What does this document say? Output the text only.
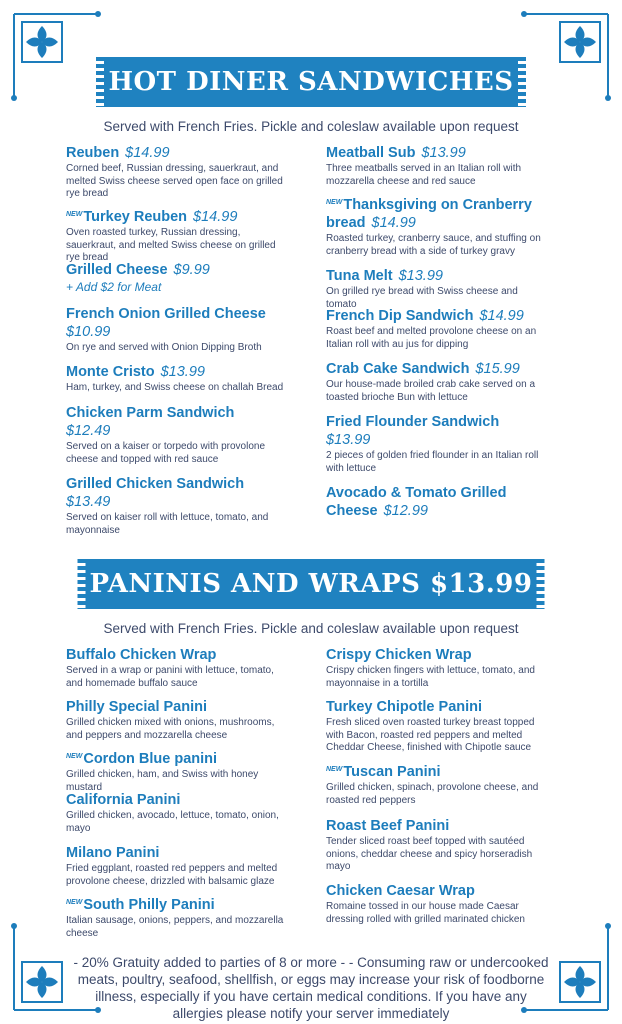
HOT DINER SANDWICHES
Served with French Fries. Pickle and coleslaw available upon request
Reuben $14.99
Corned beef, Russian dressing, sauerkraut, and melted Swiss cheese served open face on grilled rye bread
$^{NEW}$Turkey Reuben $14.99
Oven roasted turkey, Russian dressing, sauerkraut, and melted Swiss cheese on grilled rye bread
Grilled Cheese $9.99
+ Add $2 for Meat
French Onion Grilled Cheese
$10.99
On rye and served with Onion Dipping Broth
Monte Cristo $13.99
Ham, turkey, and Swiss cheese on challah Bread
Chicken Parm Sandwich
$12.49
Served on a kaiser or torpedo with provolone cheese and topped with red sauce
Grilled Chicken Sandwich
$13.49
Served on kaiser roll with lettuce, tomato, and mayonnaise
Meatball Sub $13.99
Three meatballs served in an Italian roll with mozzarella cheese and red sauce
$^{NEW}$Thanksgiving on Cranberry bread $14.99
Roasted turkey, cranberry sauce, and stuffing on cranberry bread with a side of turkey gravy
Tuna Melt $13.99
On grilled rye bread with Swiss cheese and tomato
French Dip Sandwich $14.99
Roast beef and melted provolone cheese on an Italian roll with au jus for dipping
Crab Cake Sandwich $15.99
Our house-made broiled crab cake served on a toasted brioche Bun with lettuce
Fried Flounder Sandwich
$13.99
2 pieces of golden fried flounder in an Italian roll with lettuce
Avocado & Tomato Grilled Cheese $12.99
PANINIS AND WRAPS $13.99
Served with French Fries. Pickle and coleslaw available upon request
Buffalo Chicken Wrap
Served in a wrap or panini with lettuce, tomato, and homemade buffalo sauce
Philly Special Panini
Grilled chicken mixed with onions, mushrooms, and peppers and mozzarella cheese
$^{NEW}$Cordon Blue panini
Grilled chicken, ham, and Swiss with honey mustard
California Panini
Grilled chicken, avocado, lettuce, tomato, onion, mayo
Milano Panini
Fried eggplant, roasted red peppers and melted provolone cheese, drizzled with balsamic glaze
$^{NEW}$South Philly Panini
Italian sausage, onions, peppers, and mozzarella cheese
Crispy Chicken Wrap
Crispy chicken fingers with lettuce, tomato, and mayonnaise in a tortilla
Turkey Chipotle Panini
Fresh sliced oven roasted turkey breast topped with Bacon, roasted red peppers and melted Cheddar Cheese, finished with Chipotle sauce
$^{NEW}$Tuscan Panini
Grilled chicken, spinach, provolone cheese, and roasted red peppers
Roast Beef Panini
Tender sliced roast beef topped with sautéed onions, cheddar cheese and spicy horseradish mayo
Chicken Caesar Wrap
Romaine tossed in our house made Caesar dressing rolled with grilled marinated chicken
- 20% Gratuity added to parties of 8 or more - - Consuming raw or undercooked meats, poultry, seafood, shellfish, or eggs may increase your risk of foodborne illness, especially if you have certain medical conditions. If you have any allergies please notify your server immediately
